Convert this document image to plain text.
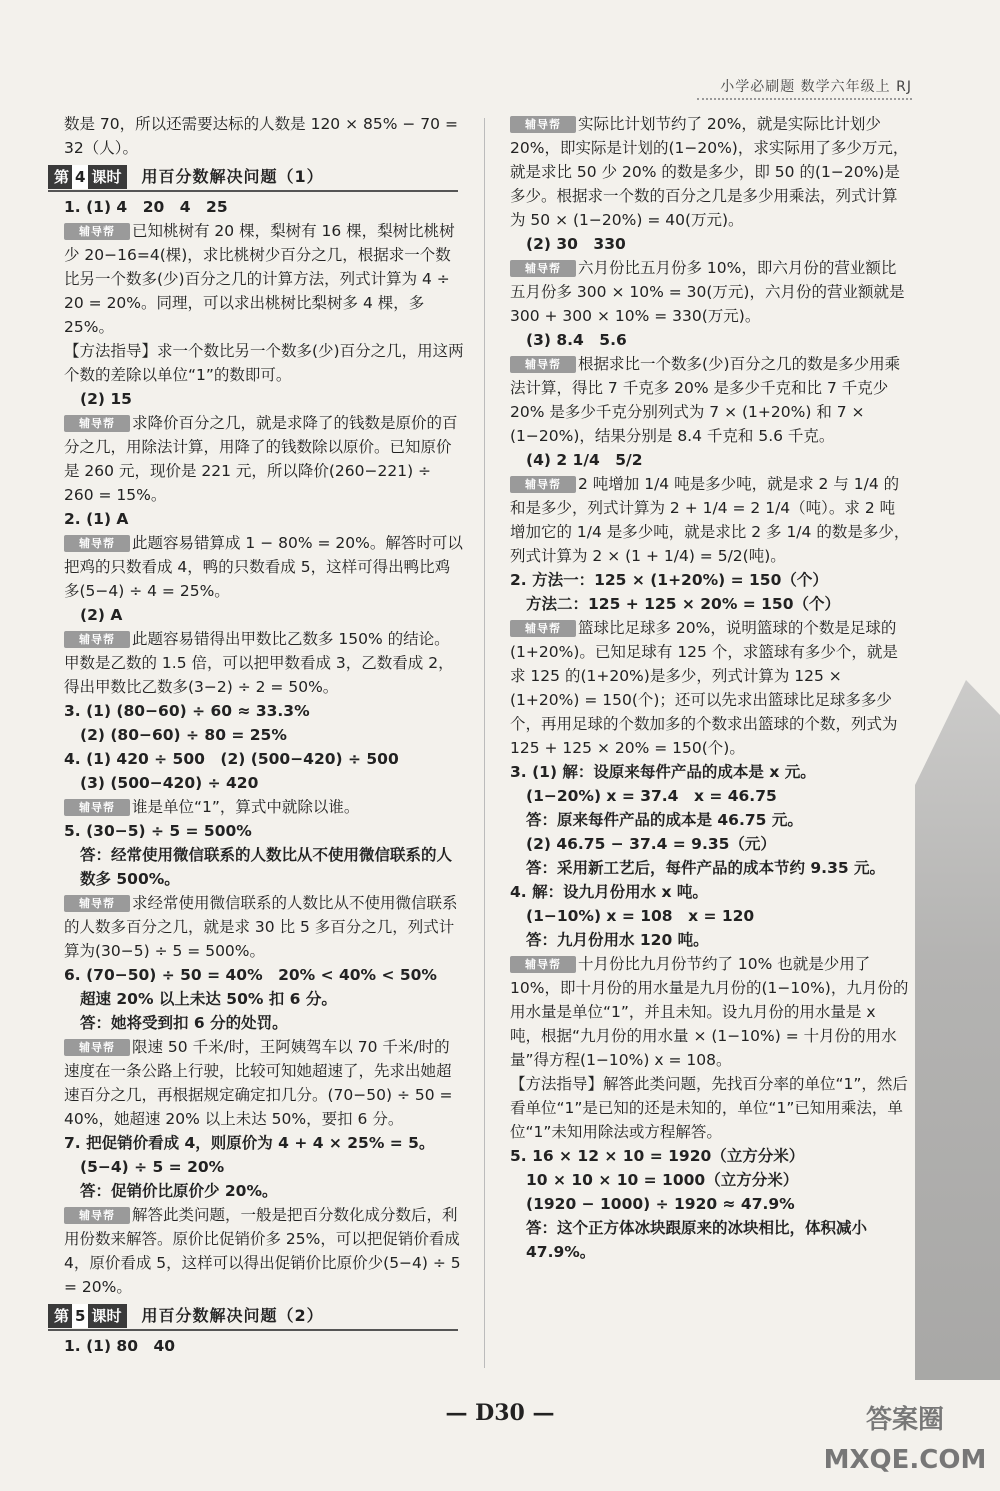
小学必刷题 数学六年级上 RJ
数是 70，所以还需要达标的人数是 120 × 85% − 70 =
32（人）。
第 4 课时 用百分数解决问题（1）
1. (1) 4　20　4　25
辅导帮 已知桃树有 20 棵，梨树有 16 棵，梨树比桃树少 20−16=4(棵)，求比桃树少百分之几，根据求一个数比另一个数多(少)百分之几的计算方法，列式计算为 4 ÷ 20 = 20%。同理，可以求出桃树比梨树多 4 棵，多 25%。
【方法指导】求一个数比另一个数多(少)百分之几，用这两个数的差除以单位“1”的数即可。
(2) 15
辅导帮 求降价百分之几，就是求降了的钱数是原价的百分之几，用除法计算，用降了的钱数除以原价。已知原价是 260 元，现价是 221 元，所以降价(260−221) ÷ 260 = 15%。
2. (1) A
辅导帮 此题容易错算成 1 − 80% = 20%。解答时可以把鸡的只数看成 4，鸭的只数看成 5，这样可得出鸭比鸡多(5−4) ÷ 4 = 25%。
(2) A
辅导帮 此题容易错得出甲数比乙数多 150% 的结论。甲数是乙数的 1.5 倍，可以把甲数看成 3，乙数看成 2，得出甲数比乙数多(3−2) ÷ 2 = 50%。
3. (1) (80−60) ÷ 60 ≈ 33.3%
(2) (80−60) ÷ 80 = 25%
4. (1) 420 ÷ 500　(2) (500−420) ÷ 500
(3) (500−420) ÷ 420
辅导帮 谁是单位“1”，算式中就除以谁。
5. (30−5) ÷ 5 = 500%
答：经常使用微信联系的人数比从不使用微信联系的人数多 500%。
辅导帮 求经常使用微信联系的人数比从不使用微信联系的人数多百分之几，就是求 30 比 5 多百分之几，列式计算为(30−5) ÷ 5 = 500%。
6. (70−50) ÷ 50 = 40%　20% < 40% < 50%
超速 20% 以上未达 50% 扣 6 分。
答：她将受到扣 6 分的处罚。
辅导帮 限速 50 千米/时，王阿姨驾车以 70 千米/时的速度在一条公路上行驶，比较可知她超速了，先求出她超速百分之几，再根据规定确定扣几分。(70−50) ÷ 50 = 40%，她超速 20% 以上未达 50%，要扣 6 分。
7. 把促销价看成 4，则原价为 4 + 4 × 25% = 5。
(5−4) ÷ 5 = 20%
答：促销价比原价少 20%。
辅导帮 解答此类问题，一般是把百分数化成分数后，利用份数来解答。原价比促销价多 25%，可以把促销价看成 4，原价看成 5，这样可以得出促销价比原价少(5−4) ÷ 5 = 20%。
第 5 课时 用百分数解决问题（2）
1. (1) 80　40
辅导帮 实际比计划节约了 20%，就是实际比计划少 20%，即实际是计划的(1−20%)，求实际用了多少万元，就是求比 50 少 20% 的数是多少，即 50 的(1−20%)是多少。根据求一个数的百分之几是多少用乘法，列式计算为 50 × (1−20%) = 40(万元)。
(2) 30　330
辅导帮 六月份比五月份多 10%，即六月份的营业额比五月份多 300 × 10% = 30(万元)，六月份的营业额就是 300 + 300 × 10% = 330(万元)。
(3) 8.4　5.6
辅导帮 根据求比一个数多(少)百分之几的数是多少用乘法计算，得比 7 千克多 20% 是多少千克和比 7 千克少 20% 是多少千克分别列式为 7 × (1+20%) 和 7 × (1−20%)，结果分别是 8.4 千克和 5.6 千克。
(4) 2 1/4　5/2
辅导帮 2 吨增加 1/4 吨是多少吨，就是求 2 与 1/4 的和是多少，列式计算为 2 + 1/4 = 2 1/4（吨）。求 2 吨增加它的 1/4 是多少吨，就是求比 2 多 1/4 的数是多少，列式计算为 2 × (1 + 1/4) = 5/2(吨)。
2. 方法一：125 × (1+20%) = 150（个）
方法二：125 + 125 × 20% = 150（个）
辅导帮 篮球比足球多 20%，说明篮球的个数是足球的(1+20%)。已知足球有 125 个，求篮球有多少个，就是求 125 的(1+20%)是多少，列式计算为 125 × (1+20%) = 150(个)；还可以先求出篮球比足球多多少个，再用足球的个数加多的个数求出篮球的个数，列式为 125 + 125 × 20% = 150(个)。
3. (1) 解：设原来每件产品的成本是 x 元。
(1−20%) x = 37.4　x = 46.75
答：原来每件产品的成本是 46.75 元。
(2) 46.75 − 37.4 = 9.35（元）
答：采用新工艺后，每件产品的成本节约 9.35 元。
4. 解：设九月份用水 x 吨。
(1−10%) x = 108　x = 120
答：九月份用水 120 吨。
辅导帮 十月份比九月份节约了 10% 也就是少用了 10%，即十月份的用水量是九月份的(1−10%)，九月份的用水量是单位“1”，并且未知。设九月份的用水量是 x 吨，根据“九月份的用水量 × (1−10%) = 十月份的用水量”得方程(1−10%) x = 108。
【方法指导】解答此类问题，先找百分率的单位“1”，然后看单位“1”是已知的还是未知的，单位“1”已知用乘法，单位“1”未知用除法或方程解答。
5. 16 × 12 × 10 = 1920（立方分米）
10 × 10 × 10 = 1000（立方分米）
(1920 − 1000) ÷ 1920 ≈ 47.9%
答：这个正方体冰块跟原来的冰块相比，体积减小 47.9%。
— D30 —	答案圈 MXQE.COM
